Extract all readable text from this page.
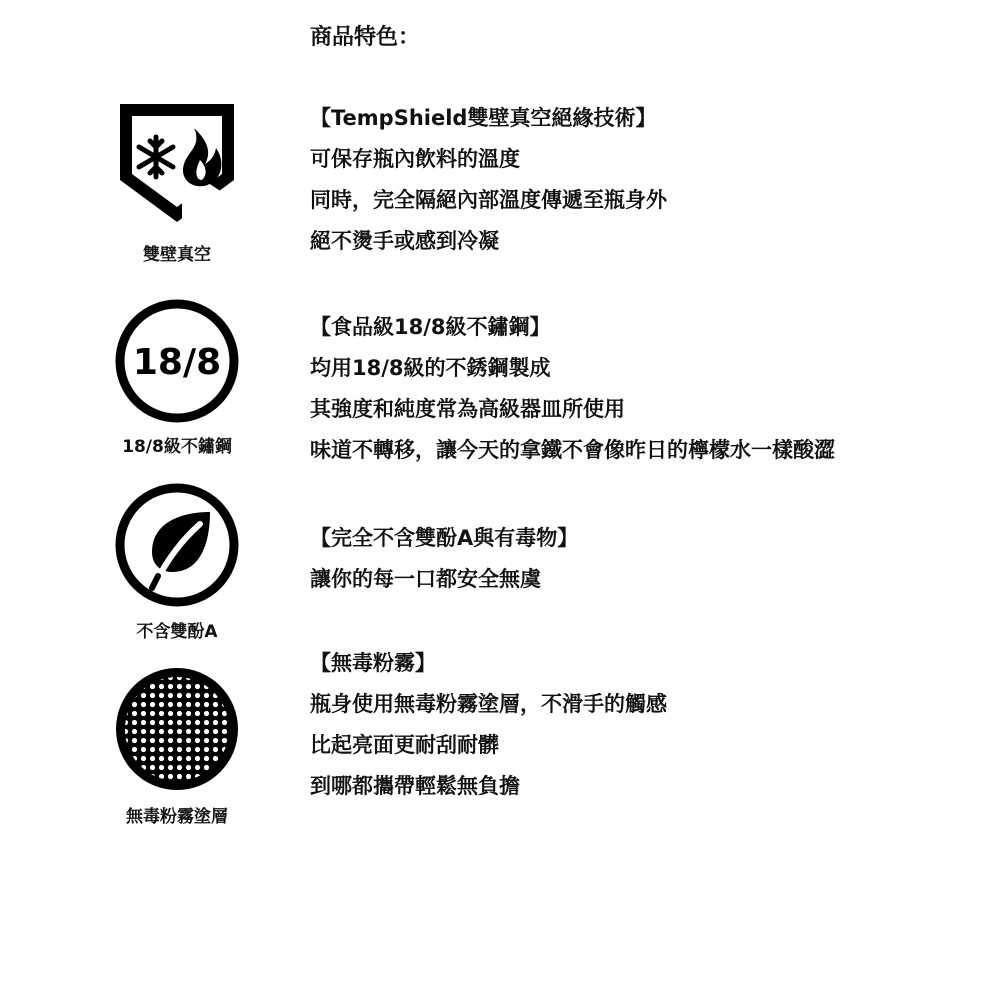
商品特色：
雙壁真空
18/8
18/8級不鏽鋼
不含雙酚A
無毒粉霧塗層
【TempShield雙壁真空絕緣技術】
可保存瓶內飲料的溫度
同時，完全隔絕內部溫度傳遞至瓶身外
絕不燙手或感到冷凝
【食品級18/8級不鏽鋼】
均用18/8級的不銹鋼製成
其強度和純度常為高級器皿所使用
味道不轉移，讓今天的拿鐵不會像昨日的檸檬水一樣酸澀
【完全不含雙酚A與有毒物】
讓你的每一口都安全無虞
【無毒粉霧】
瓶身使用無毒粉霧塗層，不滑手的觸感
比起亮面更耐刮耐髒
到哪都攜帶輕鬆無負擔
